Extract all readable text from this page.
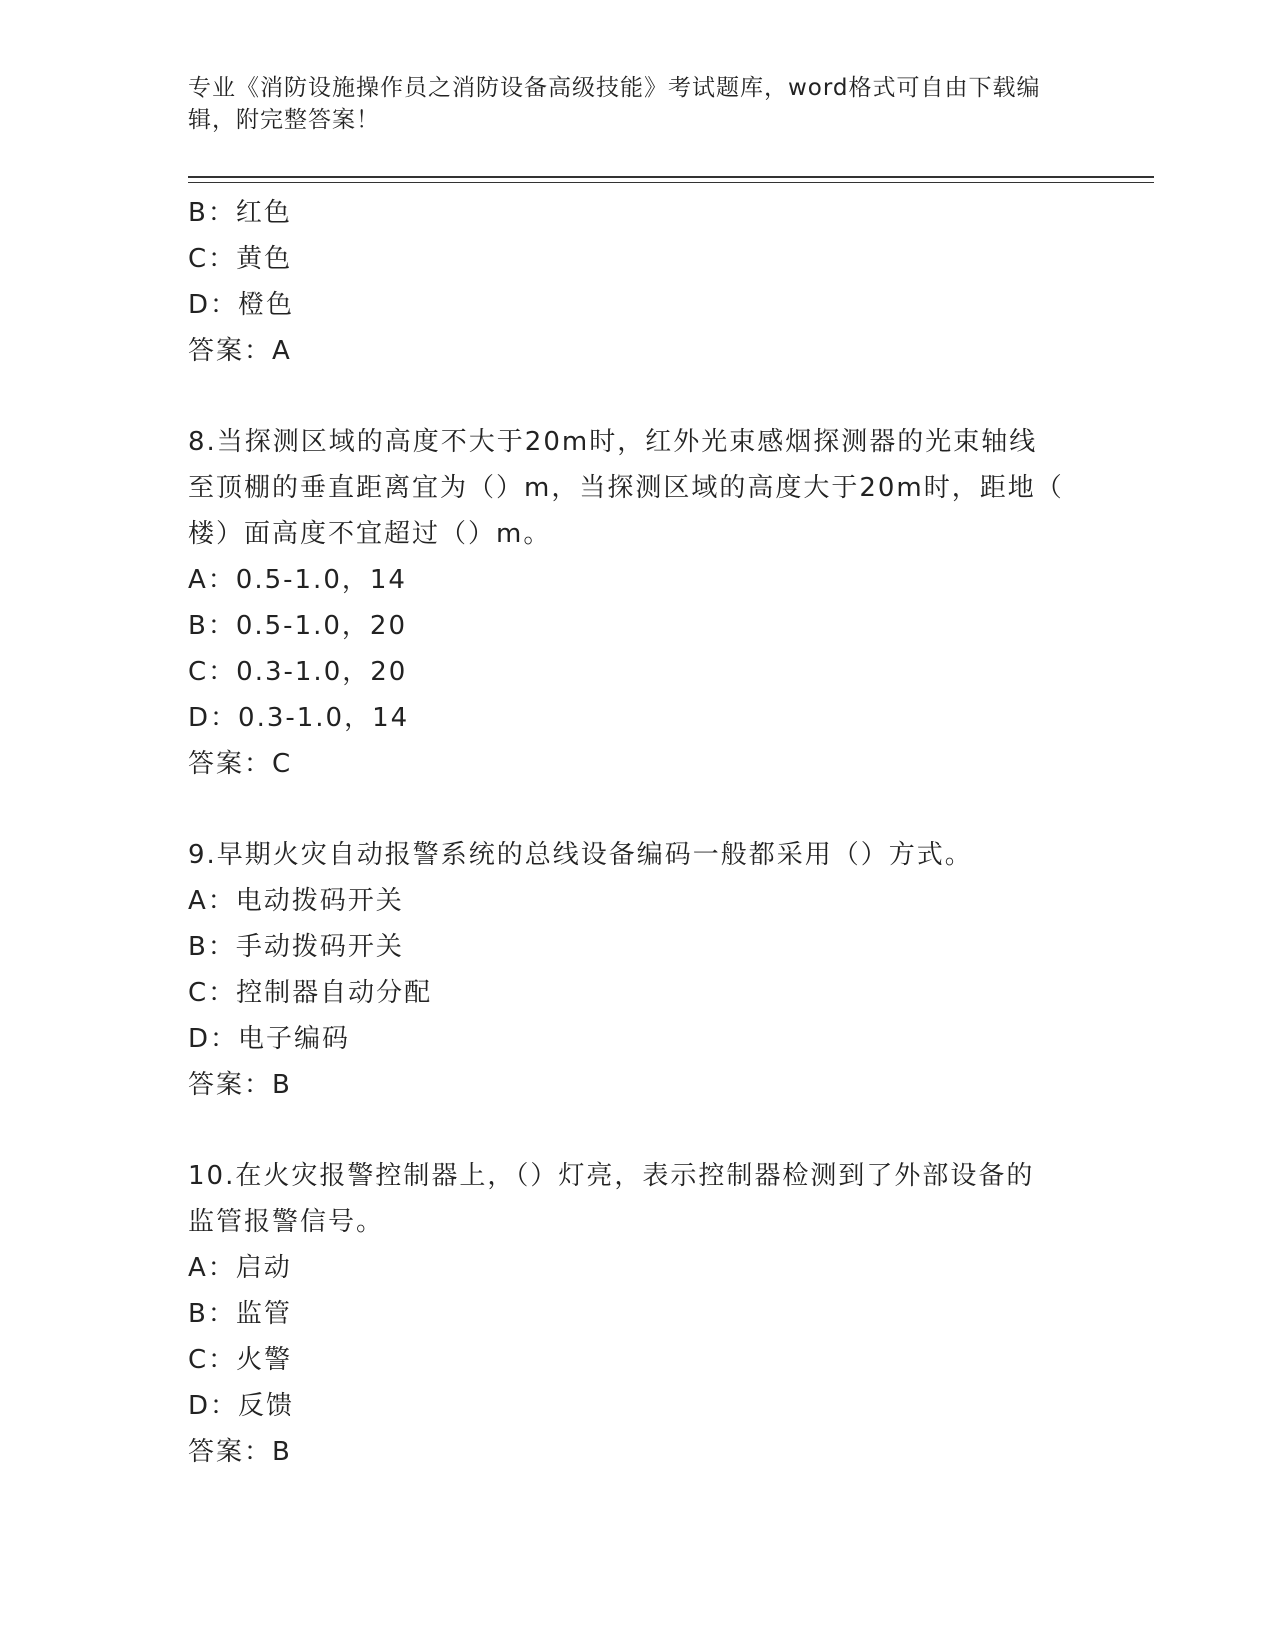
专业《消防设施操作员之消防设备高级技能》考试题库，word格式可自由下载编
辑，附完整答案！
B：红色
C：黄色
D：橙色
答案：A
8.当探测区域的高度不大于20m时，红外光束感烟探测器的光束轴线
至顶棚的垂直距离宜为（）m，当探测区域的高度大于20m时，距地（
楼）面高度不宜超过（）m。
A：0.5-1.0，14
B：0.5-1.0，20
C：0.3-1.0，20
D：0.3-1.0，14
答案：C
9.早期火灾自动报警系统的总线设备编码一般都采用（）方式。
A：电动拨码开关
B：手动拨码开关
C：控制器自动分配
D：电子编码
答案：B
10.在火灾报警控制器上，（）灯亮，表示控制器检测到了外部设备的
监管报警信号。
A：启动
B：监管
C：火警
D：反馈
答案：B
